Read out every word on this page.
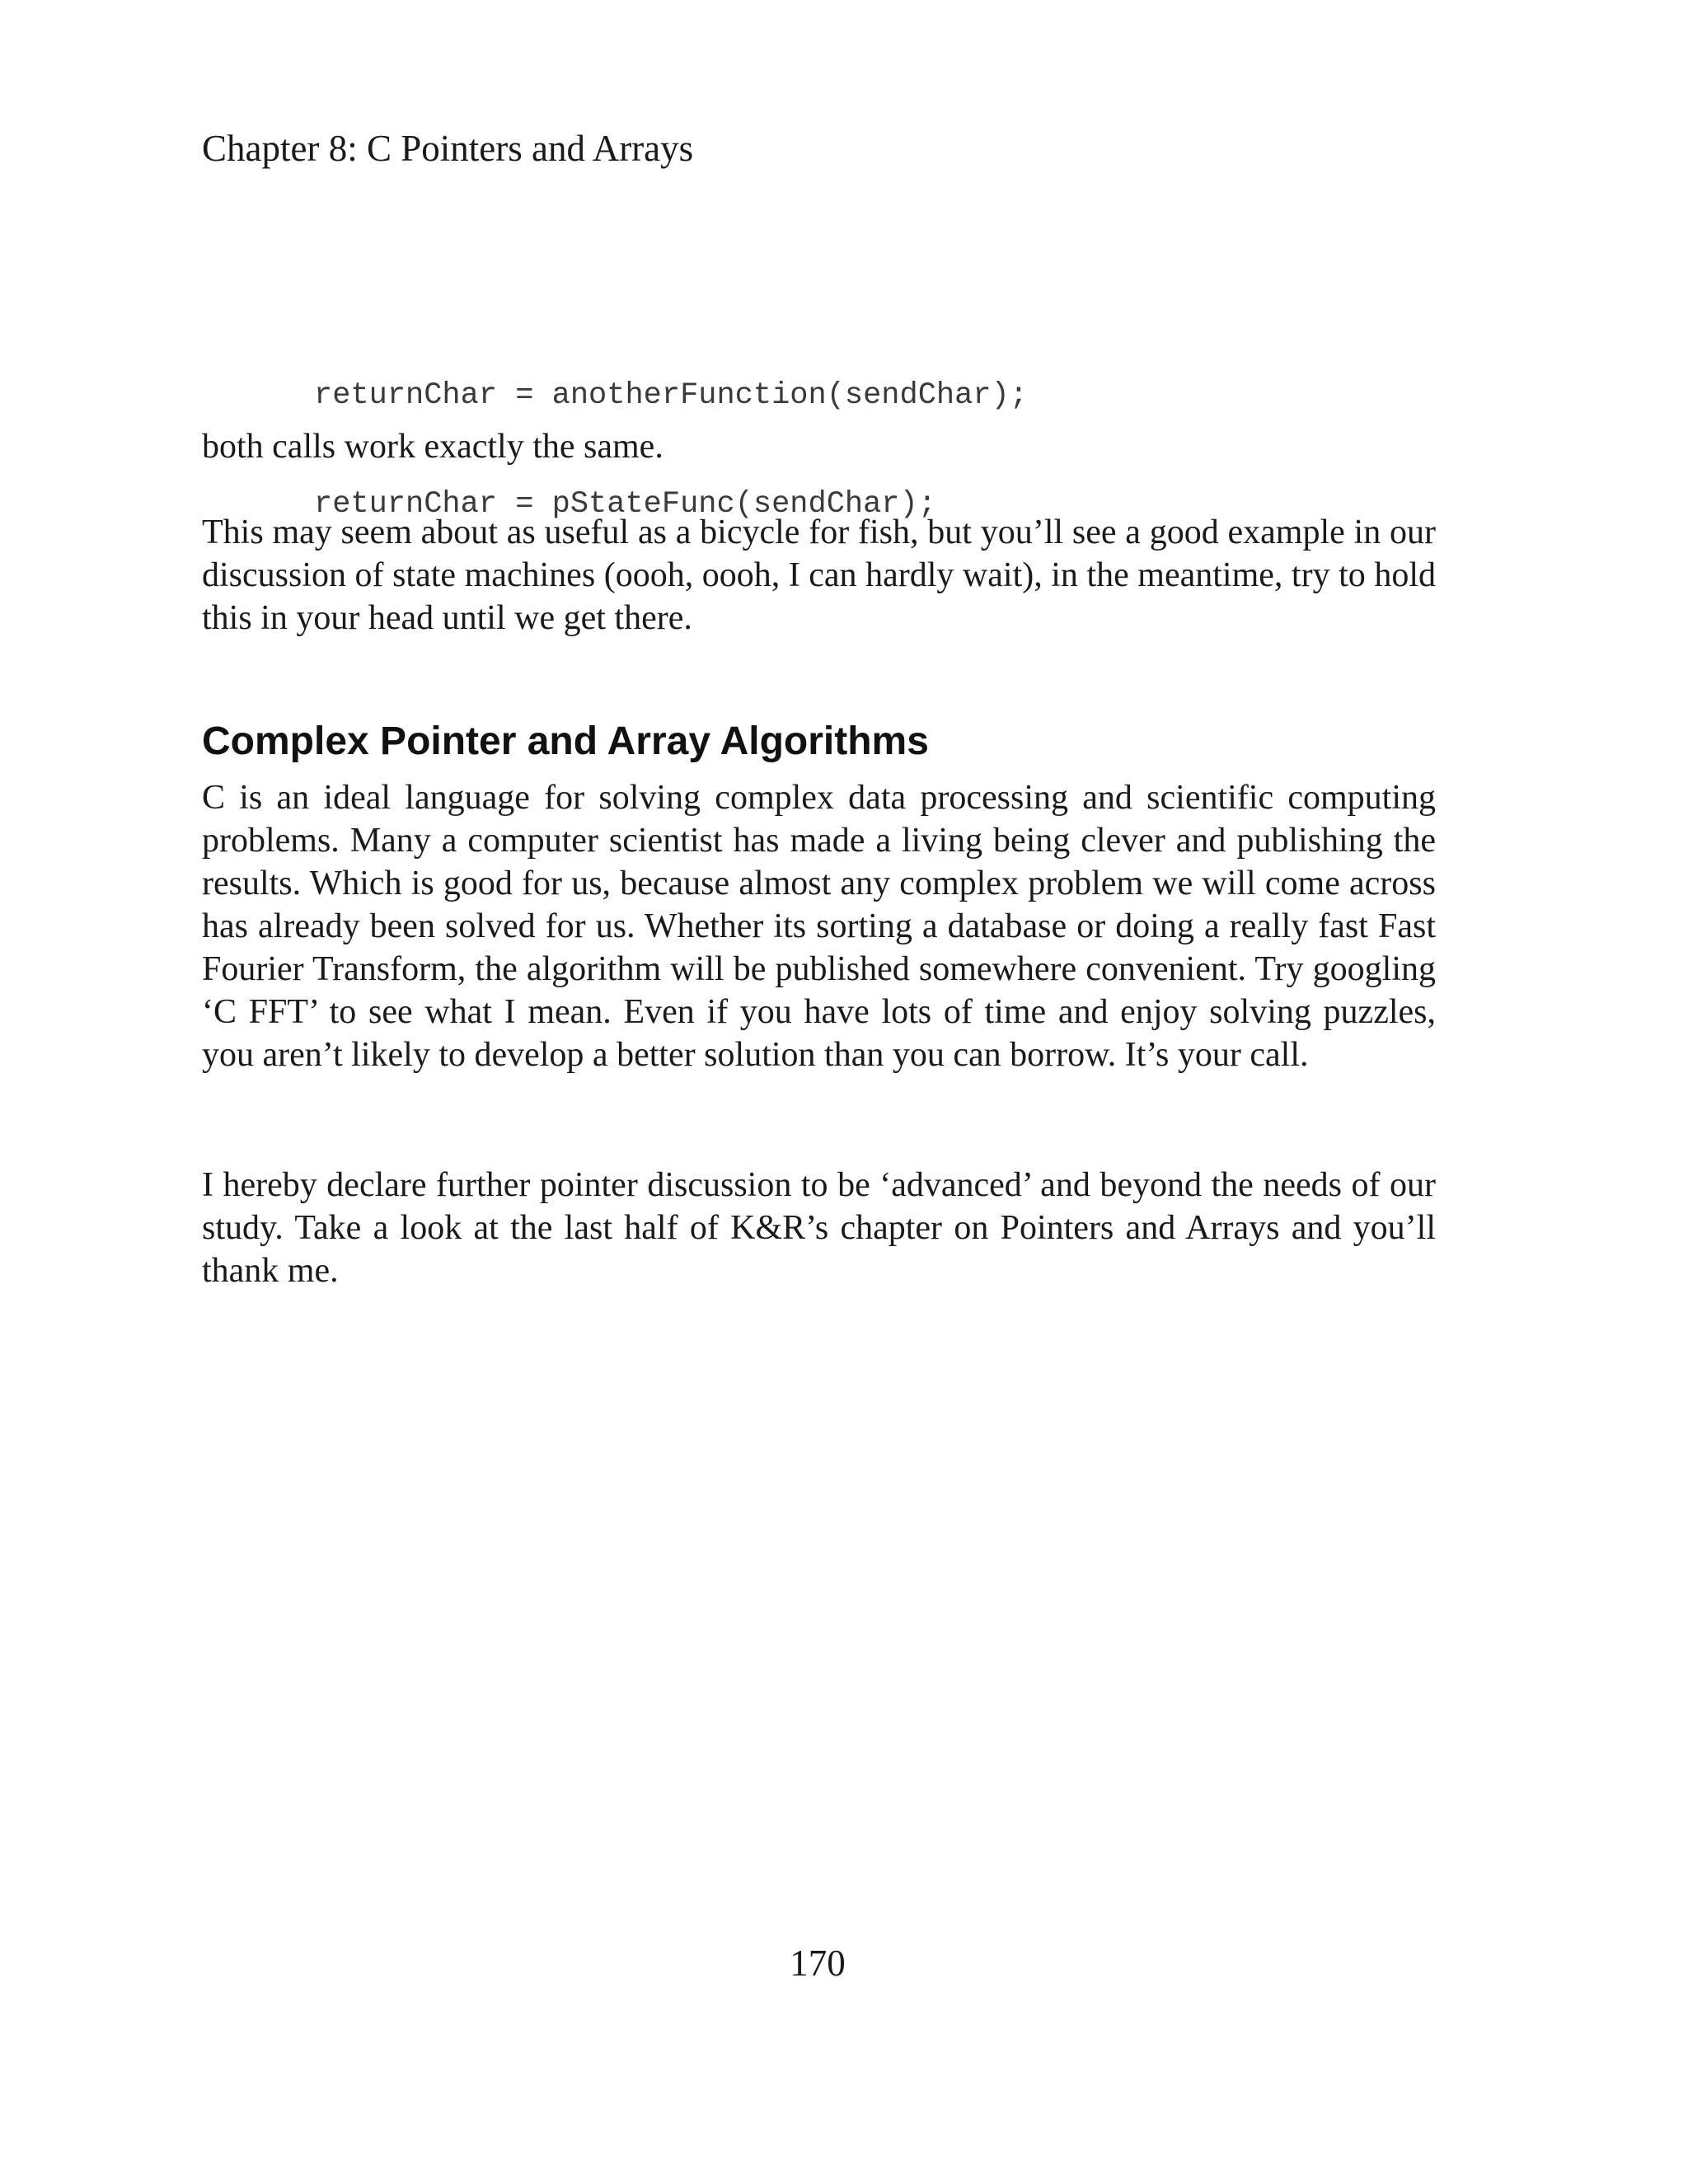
Chapter 8: C Pointers and Arrays

returnChar = anotherFunction(sendChar);

returnChar = pStateFunc(sendChar);

both calls work exactly the same.

This may seem about as useful as a bicycle for fish, but you’ll see a good example in our discussion of state machines (oooh, oooh, I can hardly wait), in the meantime, try to hold this in your head until we get there.

Complex Pointer and Array Algorithms

C is an ideal language for solving complex data processing and scientific computing problems. Many a computer scientist has made a living being clever and publishing the results. Which is good for us, because almost any complex problem we will come across has already been solved for us. Whether its sorting a database or doing a really fast Fast Fourier Transform, the algorithm will be published somewhere convenient. Try googling ‘C FFT’ to see what I mean. Even if you have lots of time and enjoy solving puzzles, you aren’t likely to develop a better solution than you can borrow. It’s your call.

I hereby declare further pointer discussion to be ‘advanced’ and beyond the needs of our study. Take a look at the last half of K&R’s chapter on Pointers and Arrays and you’ll thank me.

170
